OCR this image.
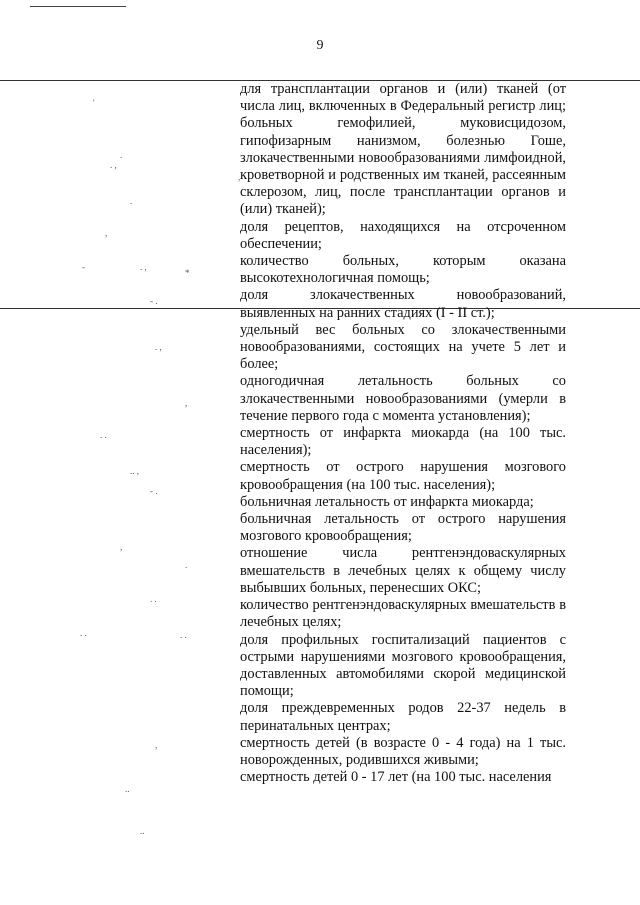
9

для трансплантации органов и (или) тканей (от числа лиц, включенных в Федеральный регистр лиц; больных гемофилией, муковисцидозом, гипофизарным нанизмом, болезнью Гоше, злокачественными новообразованиями лимфоидной, кроветворной и родственных им тканей, рассеянным склерозом, лиц, после трансплантации органов и (или) тканей);

доля рецептов, находящихся на отсроченном обеспечении;

количество больных, которым оказана высокотехнологичная помощь;

доля злокачественных новообразований, выявленных на ранних стадиях (I - II ст.);

удельный вес больных со злокачественными новообразованиями, состоящих на учете 5 лет и более;

одногодичная летальность больных со злокачественными новообразованиями (умерли в течение первого года с момента установления);

смертность от инфаркта миокарда (на 100 тыс. населения);

смертность от острого нарушения мозгового кровообращения (на 100 тыс. населения);

больничная летальность от инфаркта миокарда;

больничная летальность от острого нарушения мозгового кровообращения;

отношение числа рентгенэндоваскулярных вмешательств в лечебных целях к общему числу выбывших больных, перенесших ОКС;

количество рентгенэндоваскулярных вмешательств в лечебных целях;

доля профильных госпитализаций пациентов с острыми нарушениями мозгового кровообращения, доставленных автомобилями скорой медицинской помощи;

доля преждевременных родов 22-37 недель в перинатальных центрах;

смертность детей (в возрасте 0 - 4 года) на 1 тыс. новорожденных, родившихся живыми;

смертность детей 0 - 17 лет (на 100 тыс. населения

'
.
. ,
,
.
,
-	. ,
*
- .
. ,
,
. .
.. ,
- .
,
.
. .
. .	. .
,
..
..
